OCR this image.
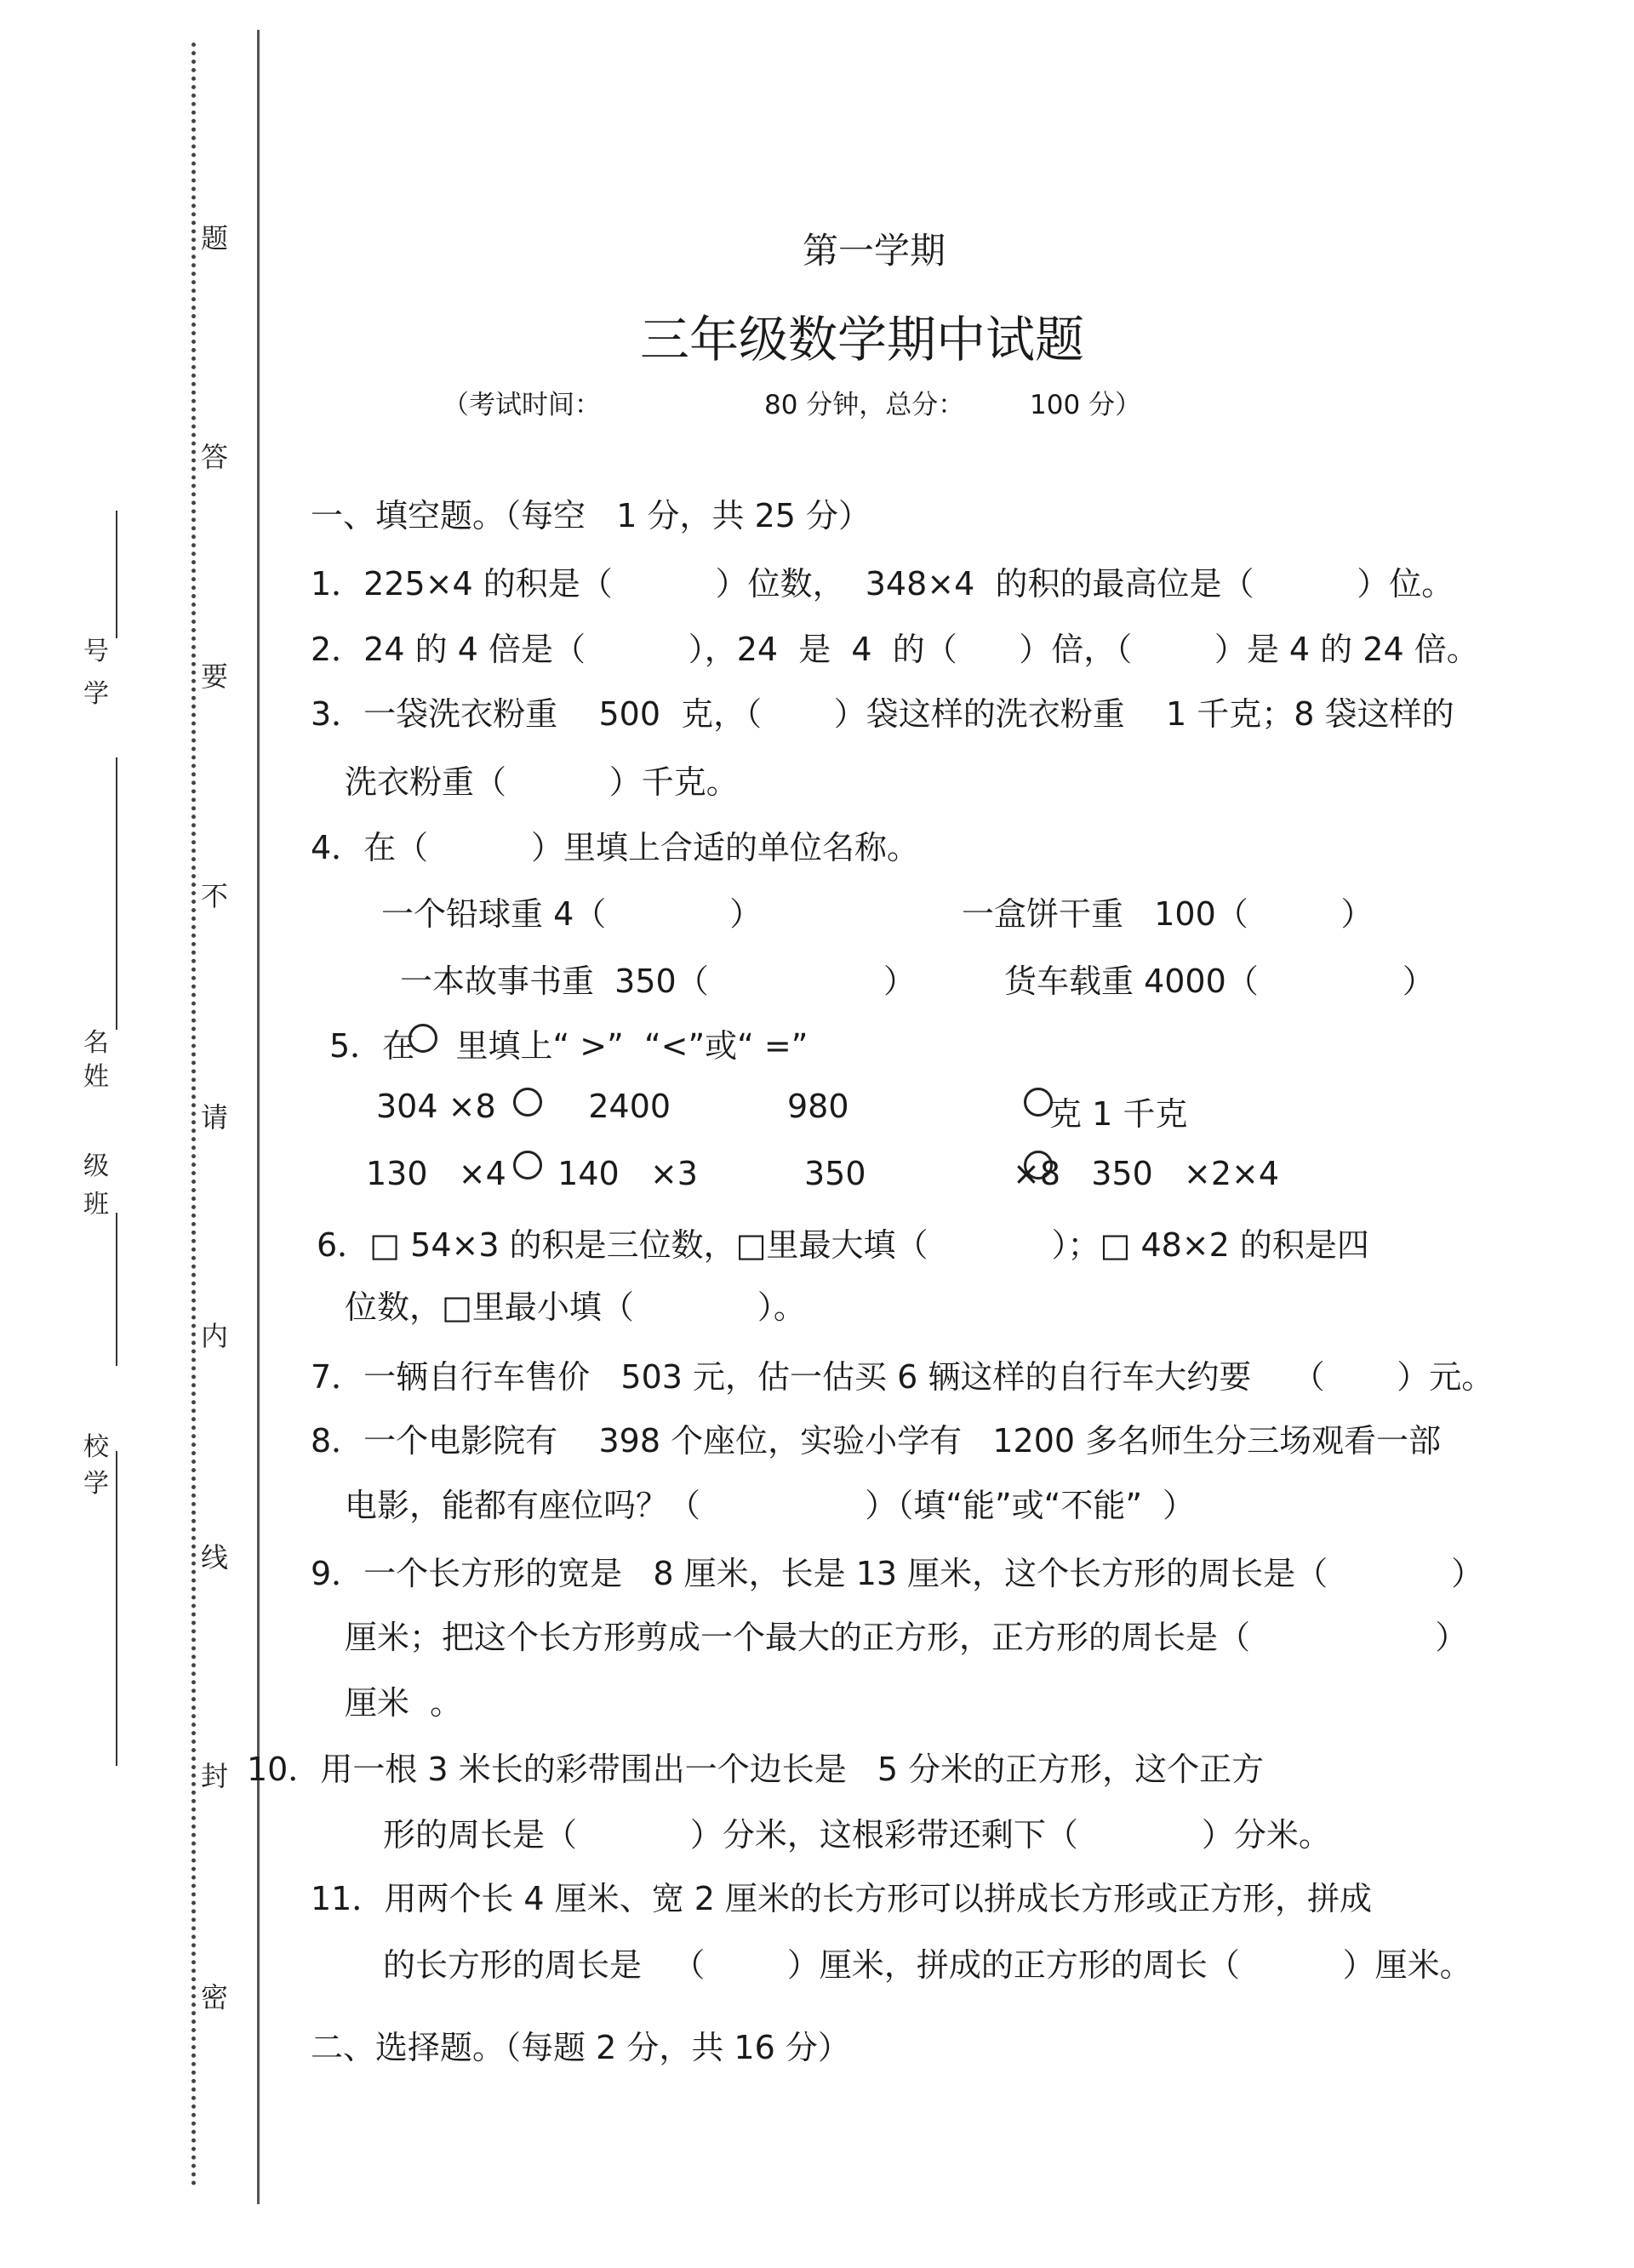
题
答
要
不
请
内
线
封
密
号
学
名
姓
级
班
校
学
第一学期
三年级数学期中试题
（考试时间：	80 分钟，总分： 100 分）
一、填空题。（每空   1 分，共 25 分）
1．225×4 的积是（          ）位数，  348×4  的积的最高位是（          ）位。
2．24 的 4 倍是（          ），24  是  4  的（      ）倍，（        ）是 4 的 24 倍。
3．一袋洗衣粉重    500  克，（       ）袋这样的洗衣粉重    1 千克；8 袋这样的
洗衣粉重（          ）千克。
4．在（          ）里填上合适的单位名称。
一个铅球重 4（            ）	一盒饼干重   100（         ）
一本故事书重  350（                 ）	货车载重 4000（              ）
5．在    里填上“ >”  “<”或“ =”
304 ×8         2400	980	克 1 千克
130   ×4     140   ×3	350	×8   350   ×2×4
6．□ 54×3 的积是三位数，□里最大填（            ）；□ 48×2 的积是四
位数，□里最小填（            ）。
7．一辆自行车售价   503 元，估一估买 6 辆这样的自行车大约要    （       ）元。
8．一个电影院有    398 个座位，实验小学有   1200 多名师生分三场观看一部
电影，能都有座位吗？（                ）（填“能”或“不能”  ）
9．一个长方形的宽是   8 厘米，长是 13 厘米，这个长方形的周长是（            ）
厘米；把这个长方形剪成一个最大的正方形，正方形的周长是（                  ）
厘米  。
10．用一根 3 米长的彩带围出一个边长是   5 分米的正方形，这个正方
形的周长是（           ）分米，这根彩带还剩下（            ）分米。
11．用两个长 4 厘米、宽 2 厘米的长方形可以拼成长方形或正方形，拼成
的长方形的周长是   （        ）厘米，拼成的正方形的周长（          ）厘米。
二、选择题。（每题 2 分，共 16 分）
